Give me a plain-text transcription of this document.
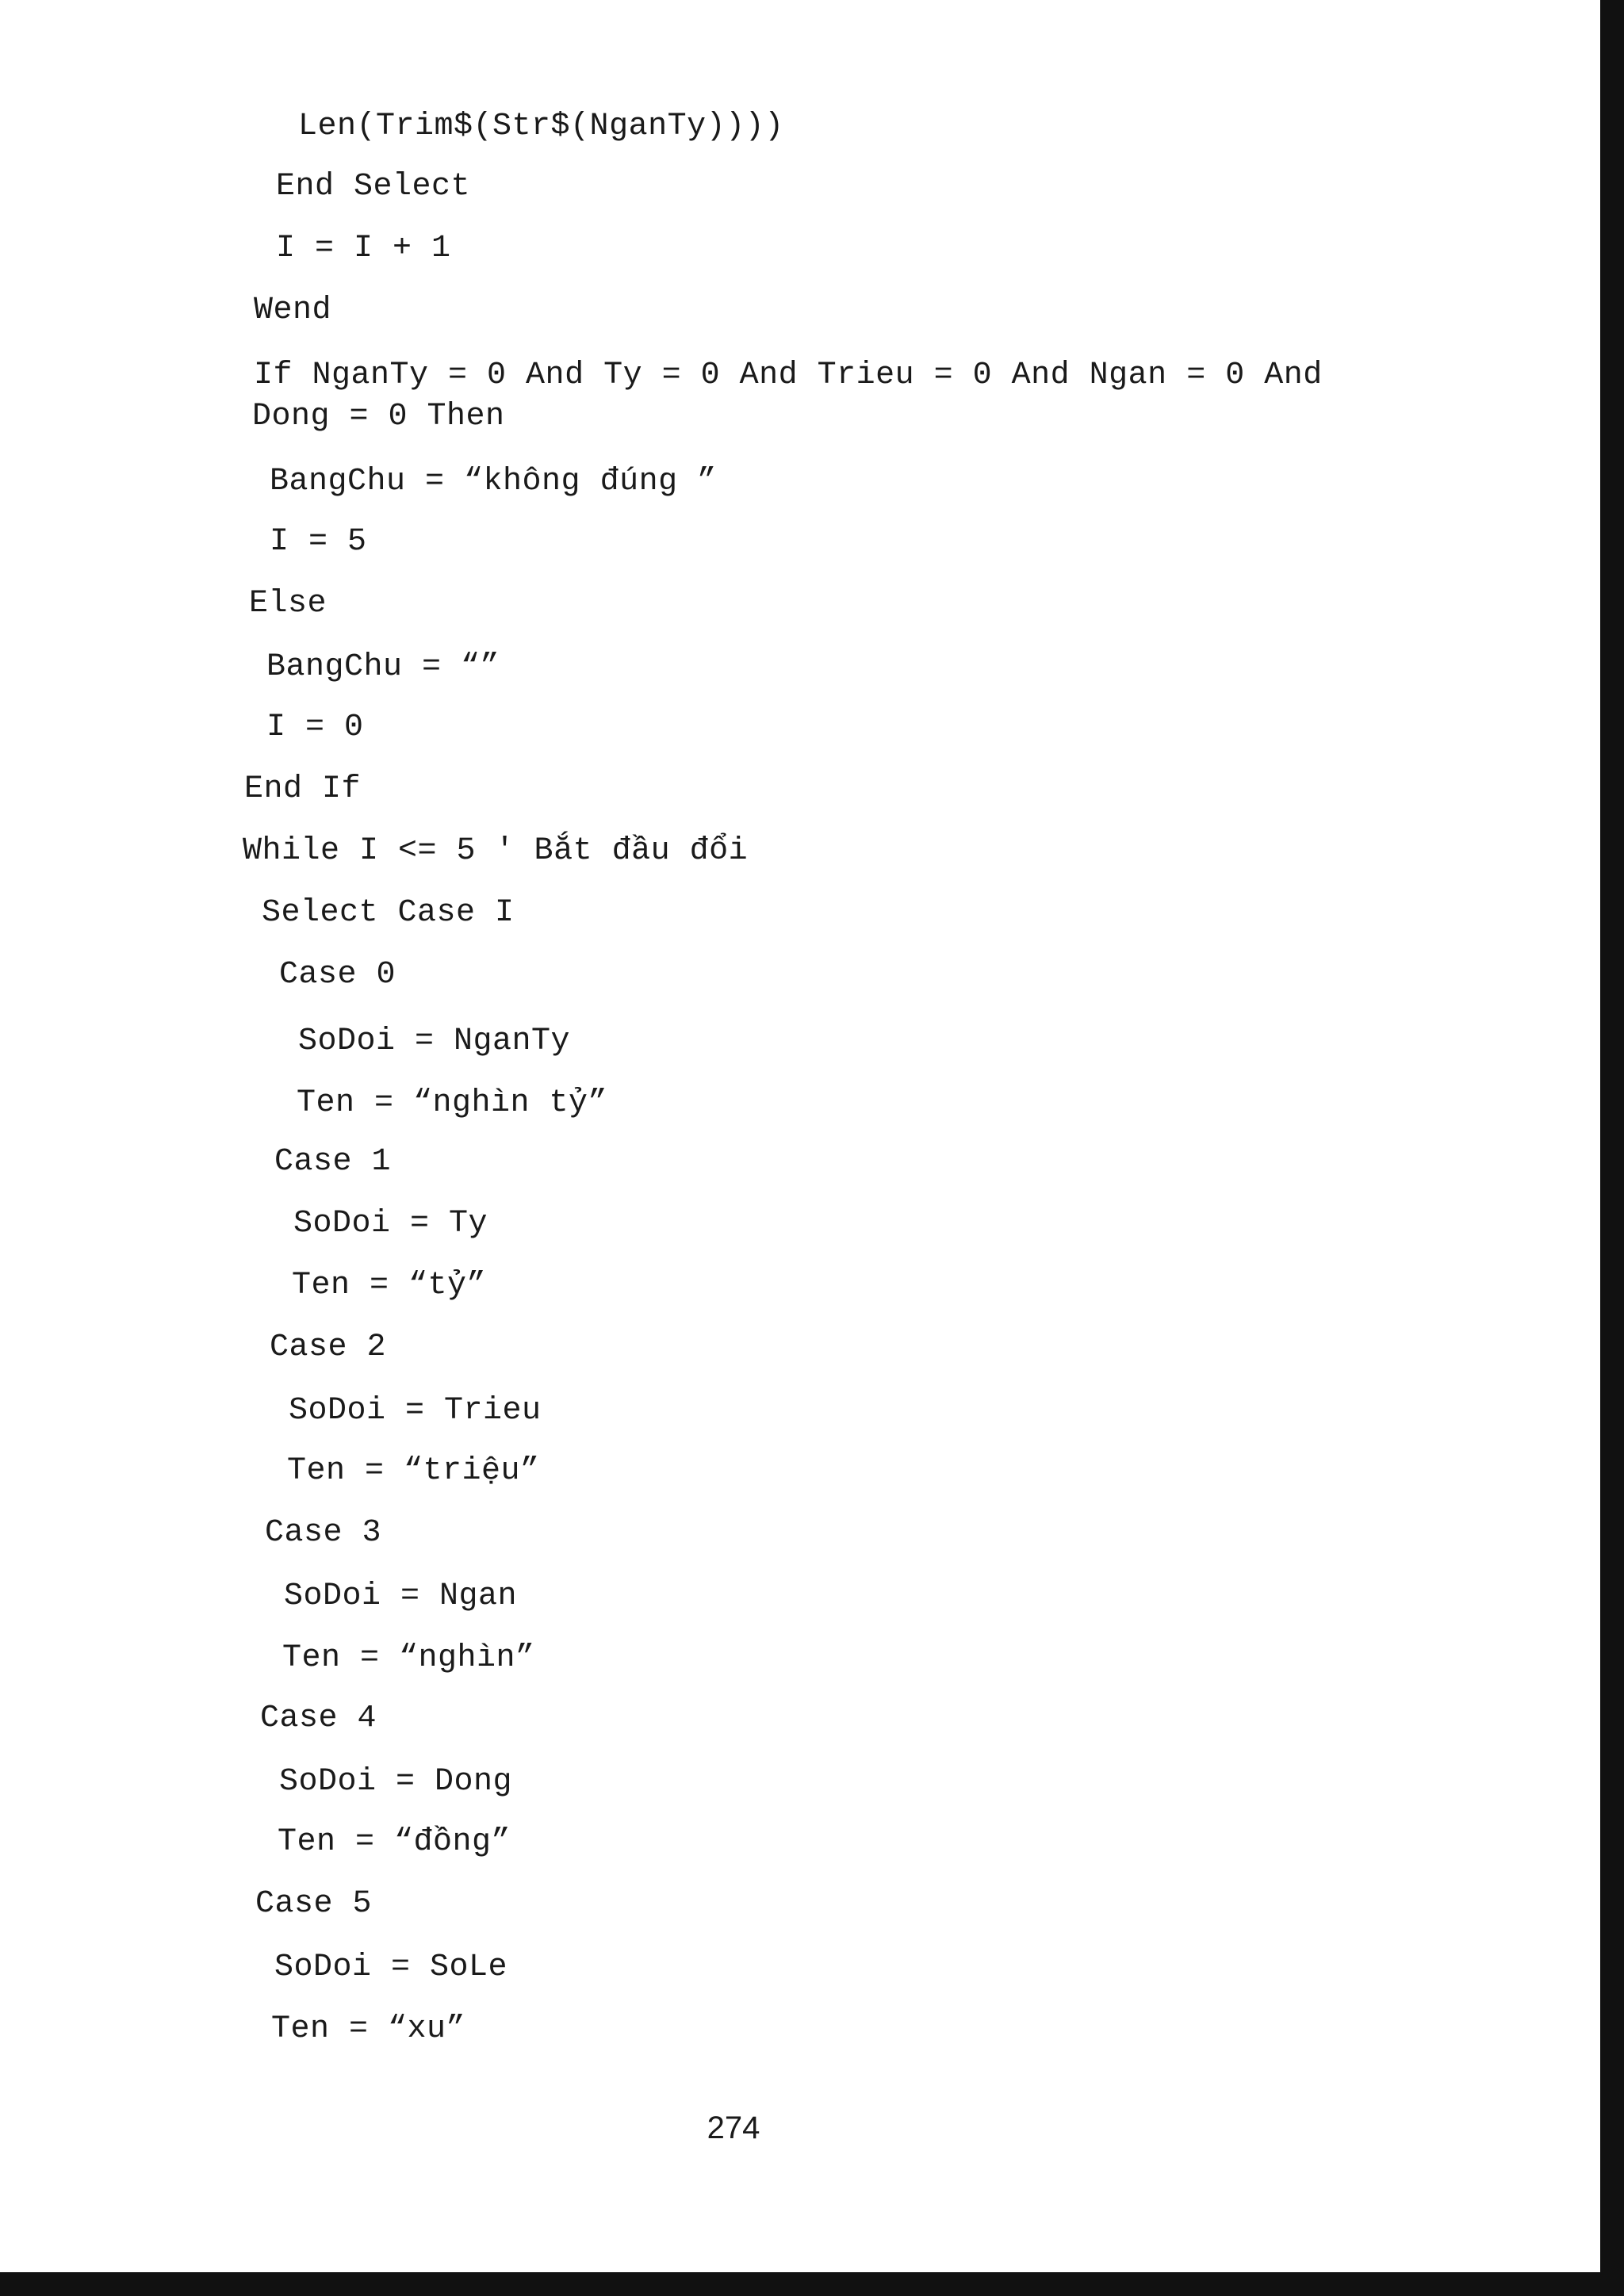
Len(Trim$(Str$(NganTy))))
End Select
I = I + 1
Wend
If NganTy = 0 And Ty = 0 And Trieu = 0 And Ngan = 0 And
Dong = 0 Then
BangChu = “không đúng ”
I = 5
Else
BangChu = “”
I = 0
End If
While I <= 5 ' Bắt đầu đổi
Select Case I
Case 0
SoDoi = NganTy
Ten = “nghìn tỷ”
Case 1
SoDoi = Ty
Ten = “tỷ”
Case 2
SoDoi = Trieu
Ten = “triệu”
Case 3
SoDoi = Ngan
Ten = “nghìn”
Case 4
SoDoi = Dong
Ten = “đồng”
Case 5
SoDoi = SoLe
Ten = “xu”
274
